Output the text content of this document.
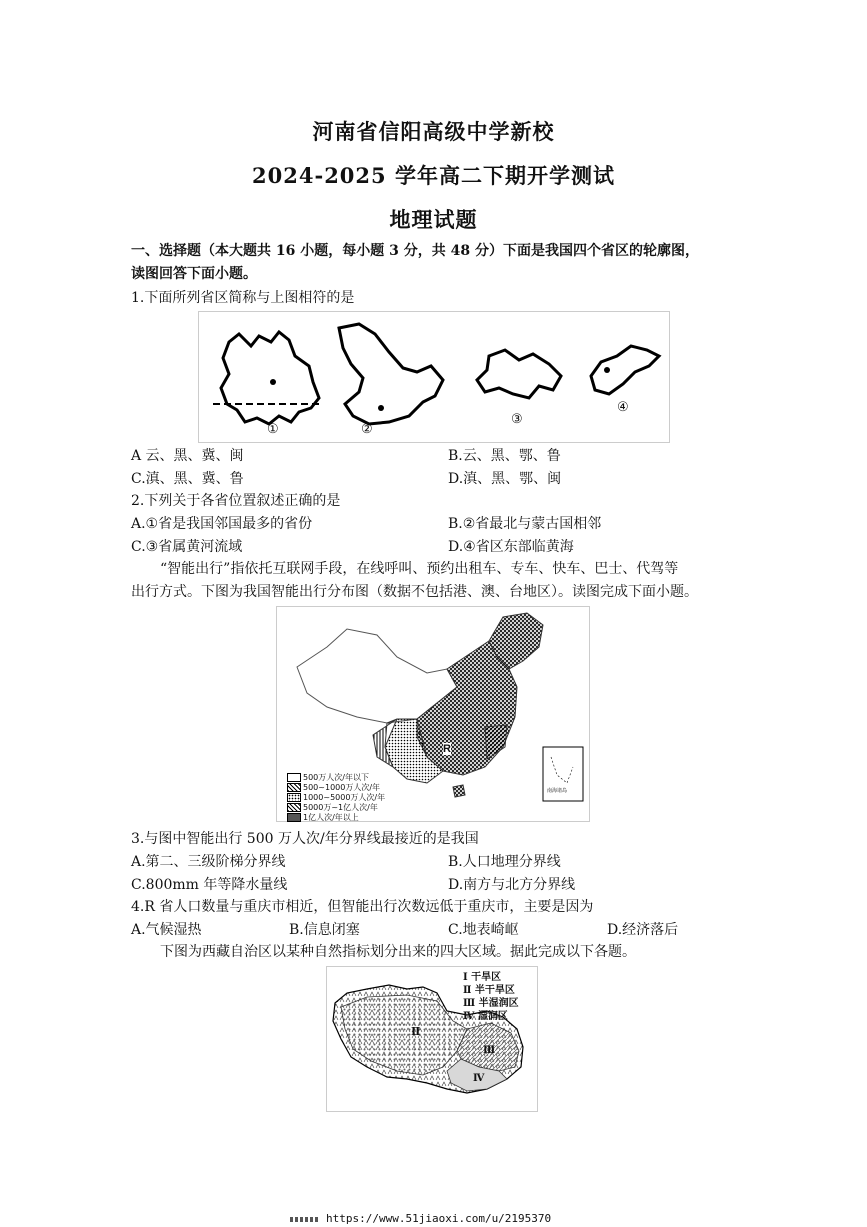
河南省信阳高级中学新校
2024-2025 学年高二下期开学测试
地理试题
一、选择题（本大题共 16 小题，每小题 3 分，共 48 分）下面是我国四个省区的轮廓图，
读图回答下面小题。
1.下面所列省区简称与上图相符的是
①	②
③
④
A 云、黑、冀、闽	B.云、黑、鄂、鲁
C.滇、黑、冀、鲁	D.滇、黑、鄂、闽
2.下列关于各省位置叙述正确的是
A.①省是我国邻国最多的省份	B.②省最北与蒙古国相邻
C.③省属黄河流域	D.④省区东部临黄海
“智能出行”指依托互联网手段，在线呼叫、预约出租车、专车、快车、巴士、代驾等
出行方式。下图为我国智能出行分布图（数据不包括港、澳、台地区）。读图完成下面小题。
R
南海诸岛
500万人次/年以下
500~1000万人次/年
1000~5000万人次/年
5000万~1亿人次/年
1亿人次/年以上
3.与图中智能出行 500 万人次/年分界线最接近的是我国
A.第二、三级阶梯分界线	B.人口地理分界线
C.800mm 年等降水量线	D.南方与北方分界线
4.R 省人口数量与重庆市相近，但智能出行次数远低于重庆市，主要是因为
A.气候湿热	B.信息闭塞	C.地表崎岖	D.经济落后
下图为西藏自治区以某种自然指标划分出来的四大区域。据此完成以下各题。
Ⅱ
Ⅲ
Ⅳ
Ⅰ 干旱区
Ⅱ 半干旱区
Ⅲ 半湿润区
Ⅳ 湿润区
https://www.51jiaoxi.com/u/2195370
